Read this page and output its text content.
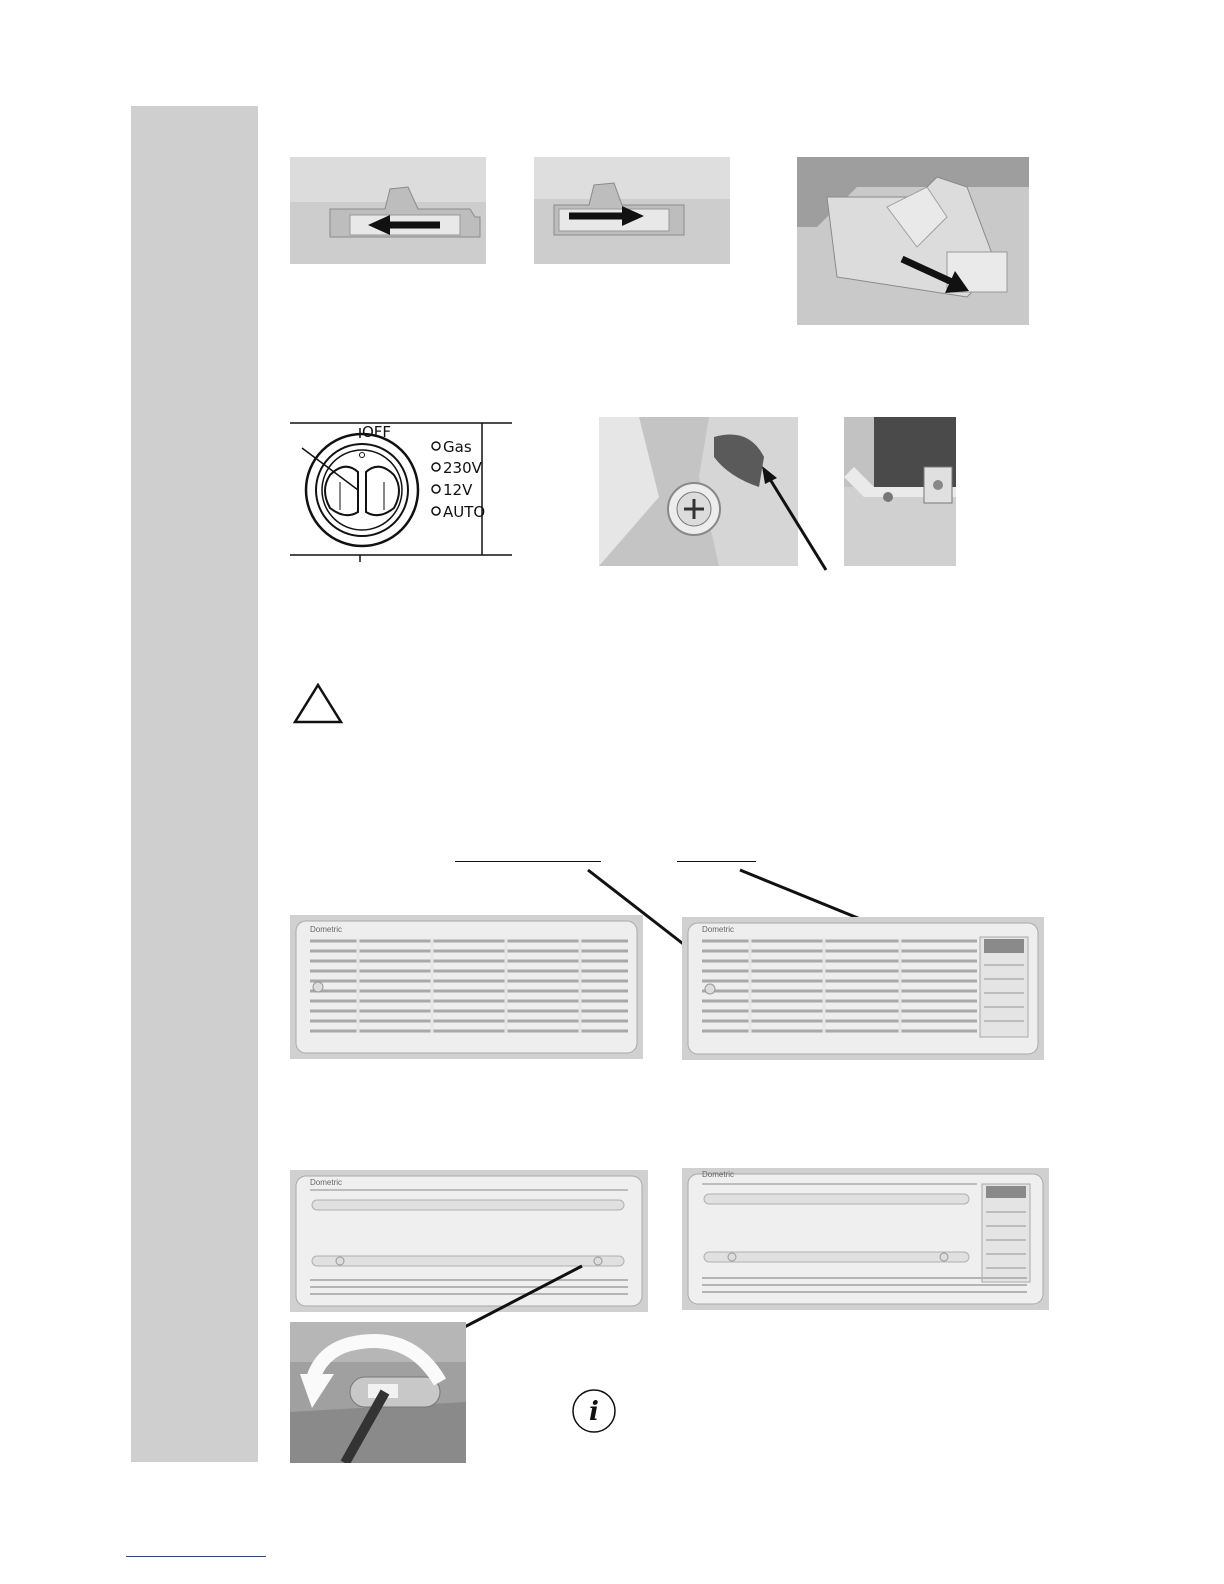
OFF
Gas
230V
12V
AUTO
Dometric	Dometric
Dometric
Dometric
i
